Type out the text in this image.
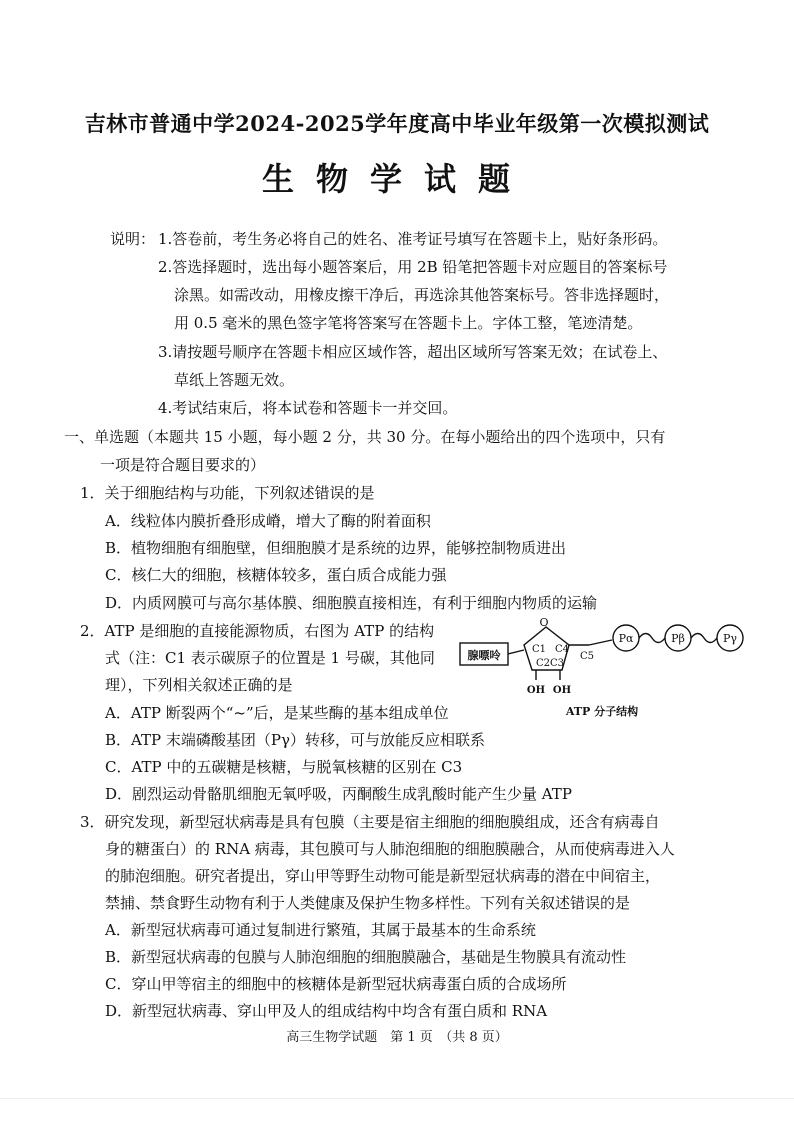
吉林市普通中学2024-2025学年度高中毕业年级第一次模拟测试
生物学试题
说明： 1.答卷前，考生务必将自己的姓名、准考证号填写在答题卡上，贴好条形码。
2.答选择题时，选出每小题答案后，用 2B 铅笔把答题卡对应题目的答案标号
涂黑。如需改动，用橡皮擦干净后，再选涂其他答案标号。答非选择题时，
用 0.5 毫米的黑色签字笔将答案写在答题卡上。字体工整，笔迹清楚。
3.请按题号顺序在答题卡相应区域作答，超出区域所写答案无效；在试卷上、
草纸上答题无效。
4.考试结束后，将本试卷和答题卡一并交回。
一、单选题（本题共 15 小题，每小题 2 分，共 30 分。在每小题给出的四个选项中，只有
一项是符合题目要求的）
1．关于细胞结构与功能，下列叙述错误的是
A．线粒体内膜折叠形成嵴，增大了酶的附着面积
B．植物细胞有细胞壁，但细胞膜才是系统的边界，能够控制物质进出
C．核仁大的细胞，核糖体较多，蛋白质合成能力强
D．内质网膜可与高尔基体膜、细胞膜直接相连，有利于细胞内物质的运输
2．ATP 是细胞的直接能源物质，右图为 ATP 的结构
式（注：C1 表示碳原子的位置是 1 号碳，其他同
理），下列相关叙述正确的是
A．ATP 断裂两个“~”后，是某些酶的基本组成单位
B．ATP 末端磷酸基团（Pγ）转移，可与放能反应相联系
C．ATP 中的五碳糖是核糖，与脱氧核糖的区别在 C3
D．剧烈运动骨骼肌细胞无氧呼吸，丙酮酸生成乳酸时能产生少量 ATP
腺嘌呤
O
C1
C2 C3
C4
C5
OH OH
Pα	Pβ	Pγ
ATP 分子结构
3．研究发现，新型冠状病毒是具有包膜（主要是宿主细胞的细胞膜组成，还含有病毒自
身的糖蛋白）的 RNA 病毒，其包膜可与人肺泡细胞的细胞膜融合，从而使病毒进入人
的肺泡细胞。研究者提出，穿山甲等野生动物可能是新型冠状病毒的潜在中间宿主，
禁捕、禁食野生动物有利于人类健康及保护生物多样性。下列有关叙述错误的是
A．新型冠状病毒可通过复制进行繁殖，其属于最基本的生命系统
B．新型冠状病毒的包膜与人肺泡细胞的细胞膜融合，基础是生物膜具有流动性
C．穿山甲等宿主的细胞中的核糖体是新型冠状病毒蛋白质的合成场所
D．新型冠状病毒、穿山甲及人的组成结构中均含有蛋白质和 RNA
高三生物学试题　第 1 页　（共 8 页）
